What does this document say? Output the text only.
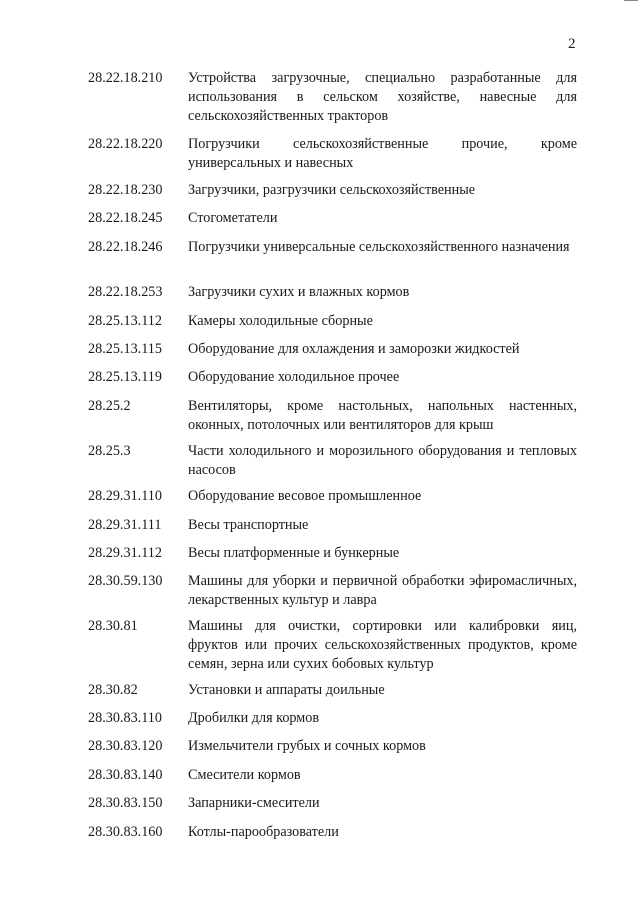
2
28.22.18.210	Устройства загрузочные, специально разработанные для использования в сельском хозяйстве, навесные для сельскохозяйственных тракторов
28.22.18.220	Погрузчики сельскохозяйственные прочие, кроме универсальных и навесных
28.22.18.230	Загрузчики, разгрузчики сельскохозяйственные
28.22.18.245	Стогометатели
28.22.18.246	Погрузчики универсальные сельскохозяйственного назначения
28.22.18.253	Загрузчики сухих и влажных кормов
28.25.13.112	Камеры холодильные сборные
28.25.13.115	Оборудование для охлаждения и заморозки жидкостей
28.25.13.119	Оборудование холодильное прочее
28.25.2	Вентиляторы, кроме настольных, напольных настенных, оконных, потолочных или вентиляторов для крыш
28.25.3	Части холодильного и морозильного оборудования и тепловых насосов
28.29.31.110	Оборудование весовое промышленное
28.29.31.111	Весы транспортные
28.29.31.112	Весы платформенные и бункерные
28.30.59.130	Машины для уборки и первичной обработки эфиромасличных, лекарственных культур и лавра
28.30.81	Машины для очистки, сортировки или калибровки яиц, фруктов или прочих сельскохозяйственных продуктов, кроме семян, зерна или сухих бобовых культур
28.30.82	Установки и аппараты доильные
28.30.83.110	Дробилки для кормов
28.30.83.120	Измельчители грубых и сочных кормов
28.30.83.140	Смесители кормов
28.30.83.150	Запарники-смесители
28.30.83.160	Котлы-парообразователи
